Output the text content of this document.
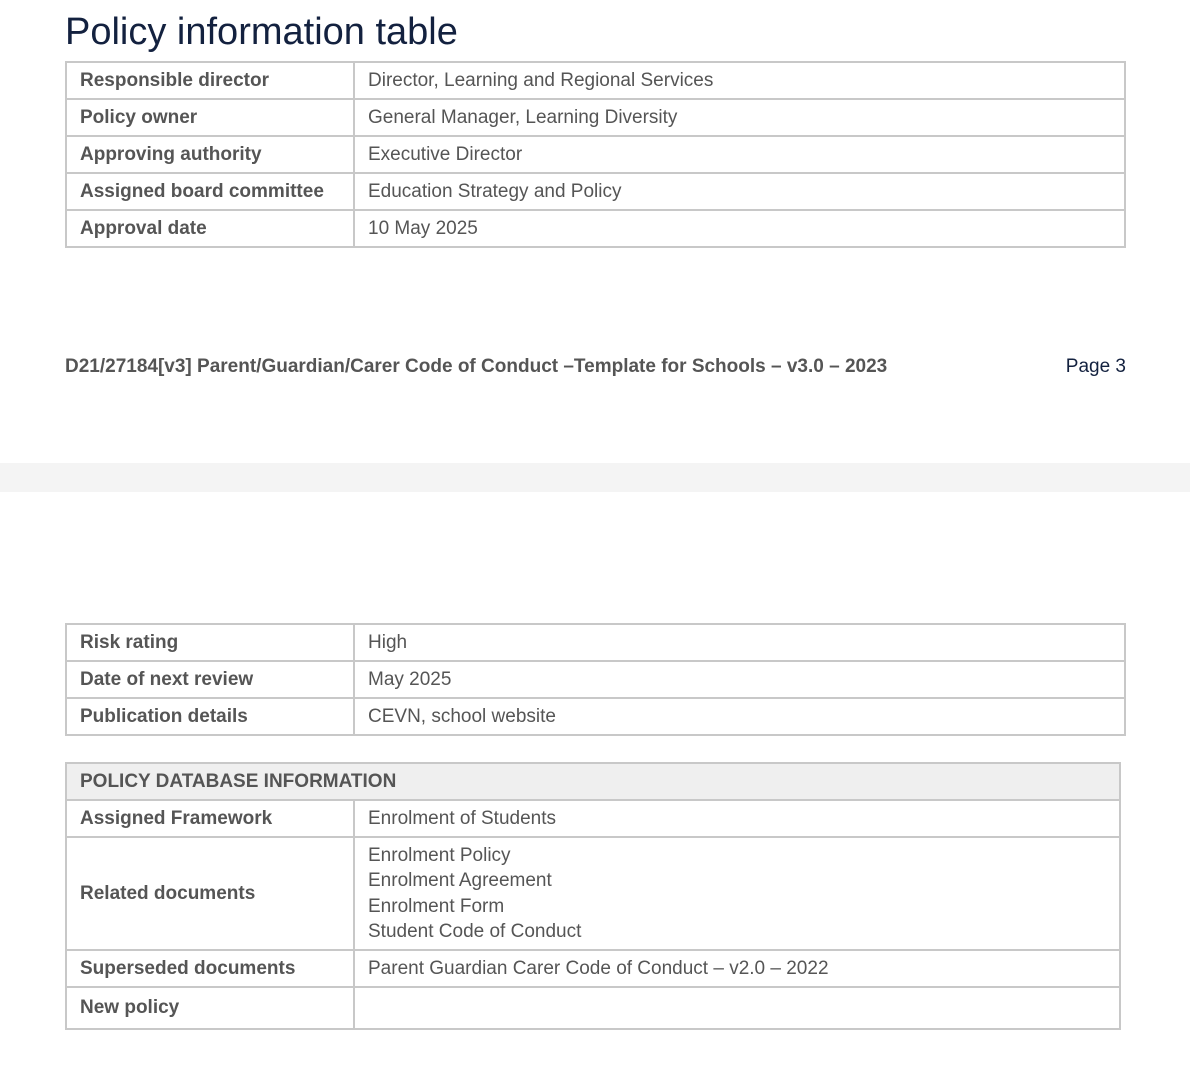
Policy information table
Responsible director	Director, Learning and Regional Services
Policy owner	General Manager, Learning Diversity
Approving authority	Executive Director
Assigned board committee	Education Strategy and Policy
Approval date	10 May 2025
D21/27184[v3] Parent/Guardian/Carer Code of Conduct –Template for Schools – v3.0 – 2023	Page 3
Risk rating	High
Date of next review	May 2025
Publication details	CEVN, school website
POLICY DATABASE INFORMATION	
Assigned Framework	Enrolment of Students
Related documents	Enrolment Policy
Enrolment Agreement
Enrolment Form
Student Code of Conduct

Superseded documents	Parent Guardian Carer Code of Conduct – v2.0 – 2022
New policy	
